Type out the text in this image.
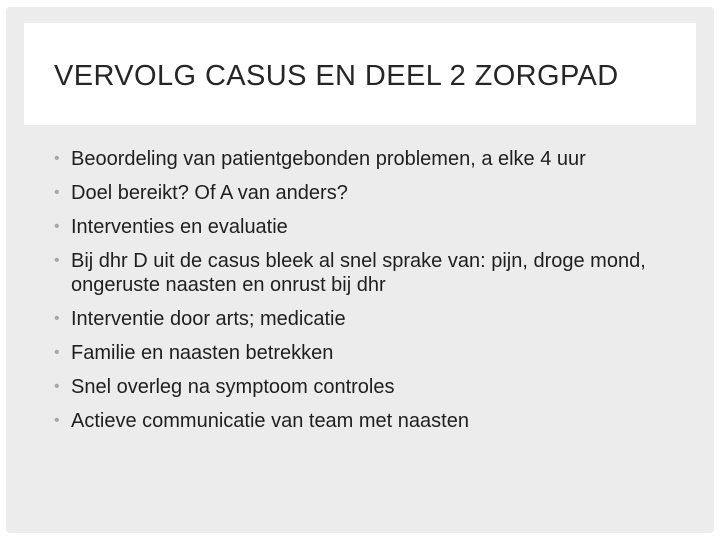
VERVOLG CASUS EN DEEL 2 ZORGPAD
• Beoordeling van patientgebonden problemen, a elke 4 uur
• Doel bereikt? Of A van anders?
• Interventies en evaluatie
• Bij dhr D uit de casus bleek al snel sprake van: pijn, droge mond, ongeruste naasten en onrust bij dhr
• Interventie door arts; medicatie
• Familie en naasten betrekken
• Snel overleg na symptoom controles
• Actieve communicatie van team met naasten
